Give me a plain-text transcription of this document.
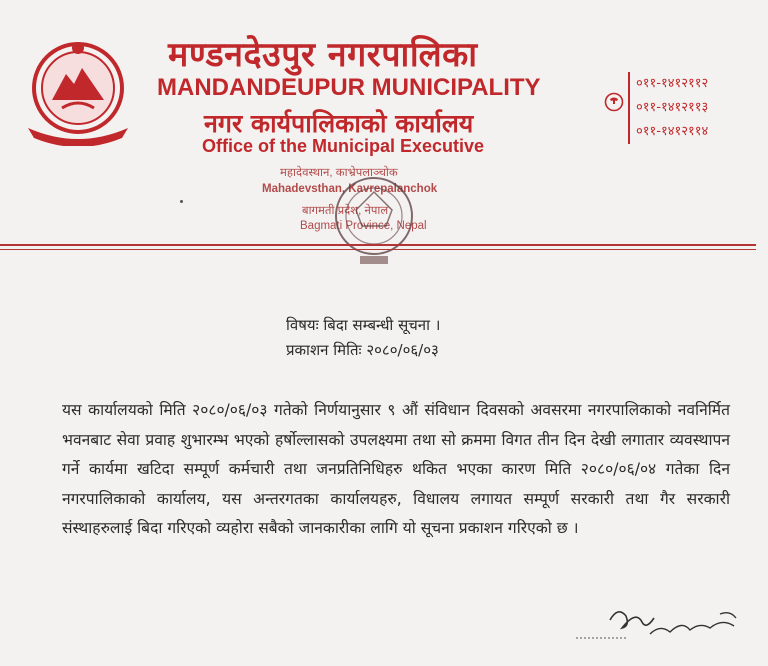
मण्डनदेउपुर नगरपालिका
MANDANDEUPUR MUNICIPALITY
नगर कार्यपालिकाको कार्यालय
Office of the Municipal Executive
महादेवस्थान, काभ्रेपलाञ्चोक
Mahadevsthan, Kavrepalanchok
बागमती प्रदेश, नेपाल
Bagmati Province, Nepal
०११-१४१२११२
०११-१४१२११३
०११-१४१२११४
विषयः बिदा सम्बन्धी सूचना ।
प्रकाशन मितिः २०८०/०६/०३
यस कार्यालयको मिति २०८०/०६/०३ गतेको निर्णयानुसार ९ औं संविधान दिवसको अवसरमा नगरपालिकाको नवनिर्मित भवनबाट सेवा प्रवाह शुभारम्भ भएको हर्षोल्लासको उपलक्ष्यमा तथा सो क्रममा विगत तीन दिन देखी लगातार व्यवस्थापन गर्ने कार्यमा खटिदा सम्पूर्ण कर्मचारी तथा जनप्रतिनिधिहरु थकित भएका कारण मिति २०८०/०६/०४ गतेका दिन नगरपालिकाको कार्यालय, यस अन्तरगतका कार्यालयहरु, विधालय लगायत सम्पूर्ण सरकारी तथा गैर सरकारी संस्थाहरुलाई बिदा गरिएको व्यहोरा सबैको जानकारीका लागि यो सूचना प्रकाशन गरिएको छ ।
